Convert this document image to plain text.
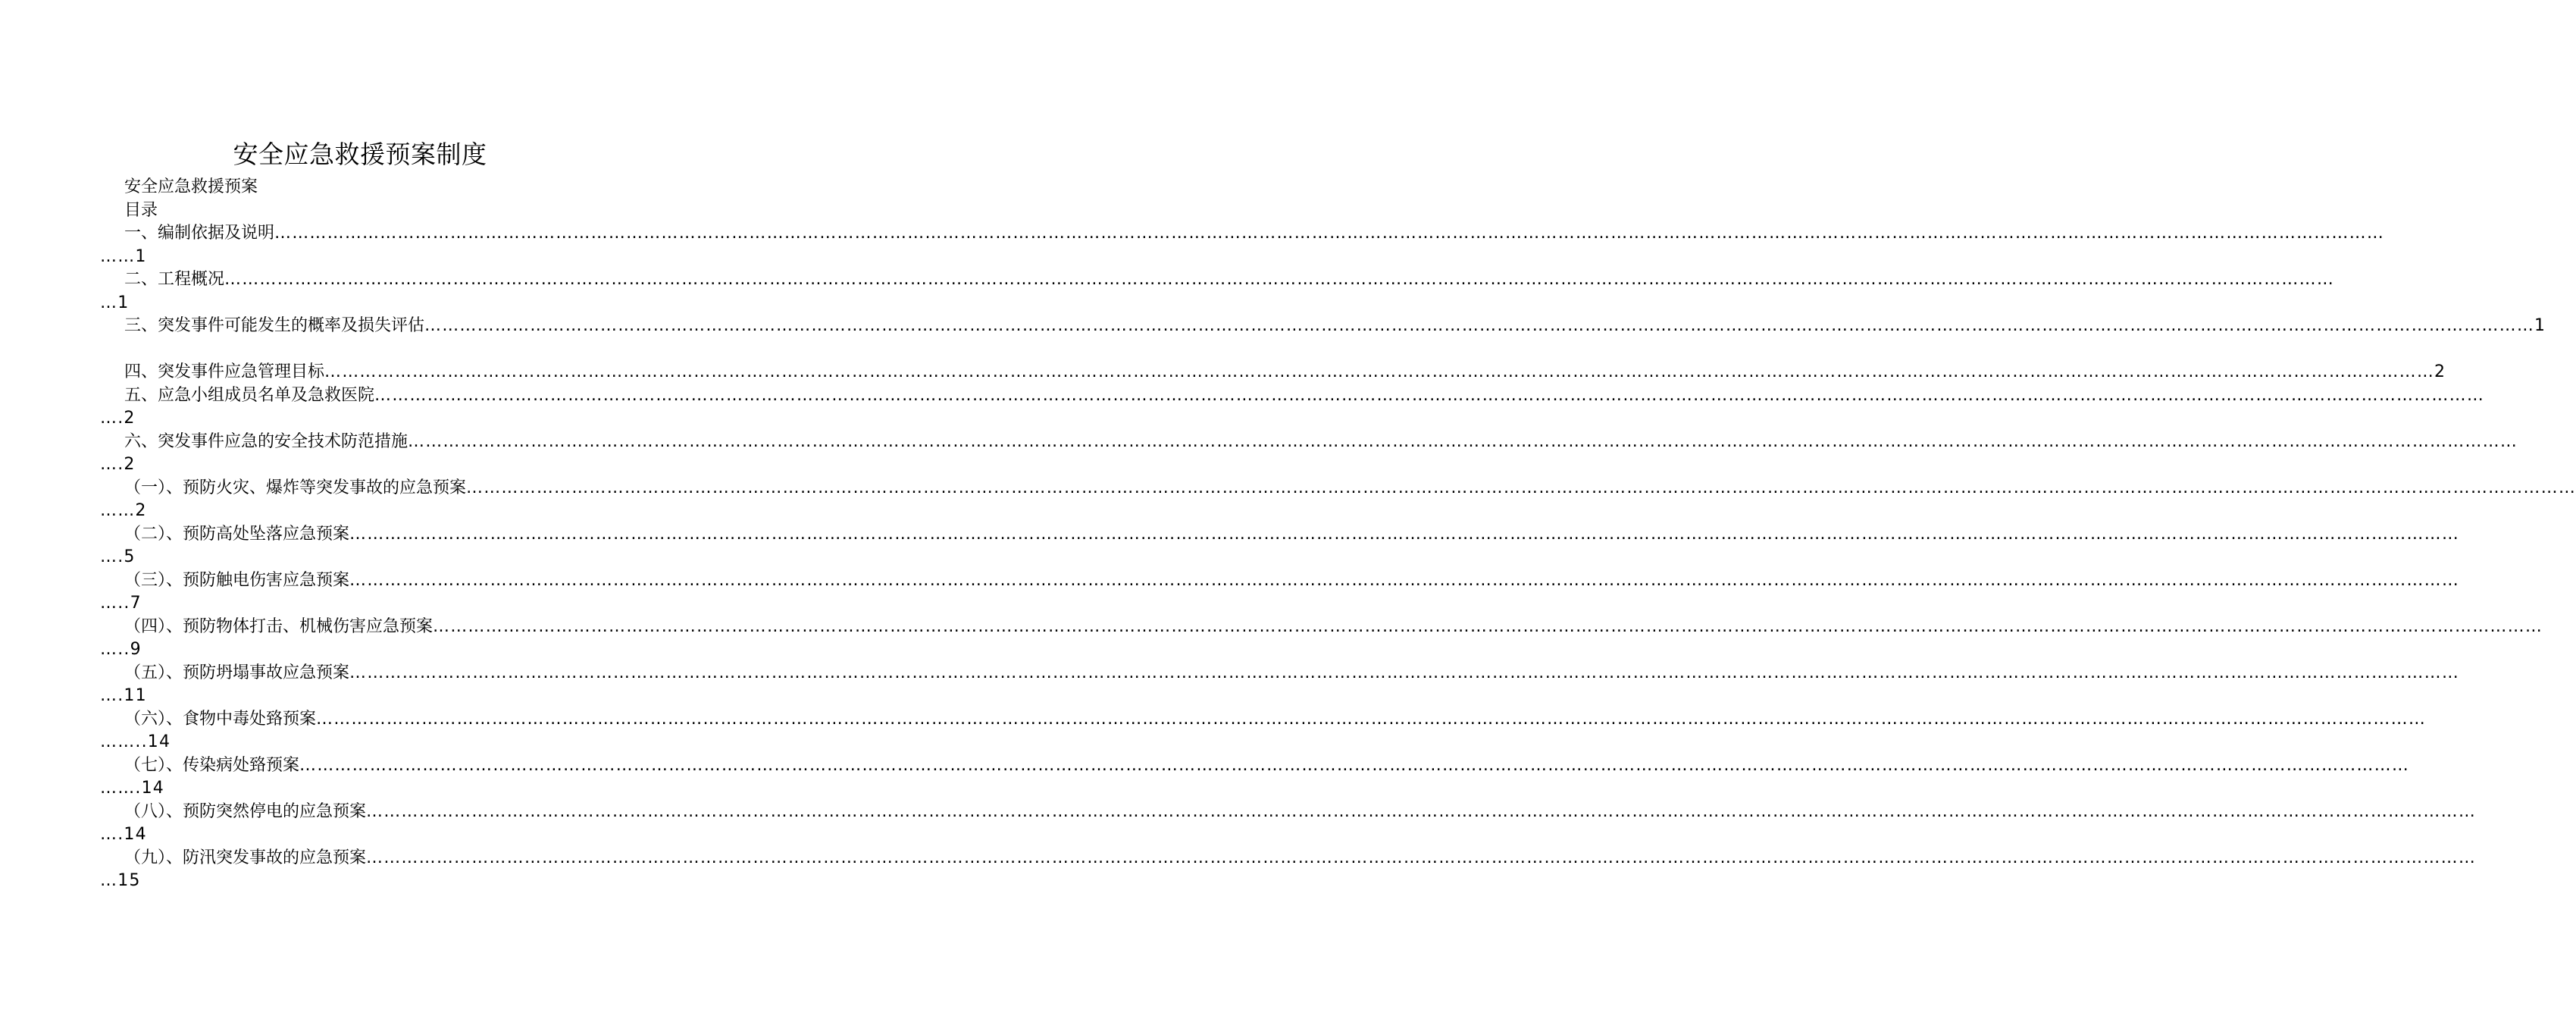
安全应急救援预案制度
安全应急救援预案
目录
一、编制依据及说明 ………………………………………………………………………………………………………………………………………………………………………………………………………………………………………………………………………………………………………………………………
……1
二、工程概况 ………………………………………………………………………………………………………………………………………………………………………………………………………………………………………………………………………………………………………………………………
…1
三、突发事件可能发生的概率及损失评估 ……………………………………………………………………………………………………………………………………………………………………………………………………………………………………………………………………………………………………………………………… 1
四、突发事件应急管理目标 ……………………………………………………………………………………………………………………………………………………………………………………………………………………………………………………………………………………………………………………………… 2
五、应急小组成员名单及急救医院 ………………………………………………………………………………………………………………………………………………………………………………………………………………………………………………………………………………………………………………………………
….2
六、突发事件应急的安全技术防范措施 ………………………………………………………………………………………………………………………………………………………………………………………………………………………………………………………………………………………………………………………………
….2
（一）、预防火灾、爆炸等突发事故的应急预案 ………………………………………………………………………………………………………………………………………………………………………………………………………………………………………………………………………………………………………………………………
……2
（二）、预防高处坠落应急预案 ………………………………………………………………………………………………………………………………………………………………………………………………………………………………………………………………………………………………………………………………
….5
（三）、预防触电伤害应急预案 ………………………………………………………………………………………………………………………………………………………………………………………………………………………………………………………………………………………………………………………………
…..7
（四）、预防物体打击、机械伤害应急预案 ………………………………………………………………………………………………………………………………………………………………………………………………………………………………………………………………………………………………………………………………
…..9
（五）、预防坍塌事故应急预案 ………………………………………………………………………………………………………………………………………………………………………………………………………………………………………………………………………………………………………………………………
….11
（六）、食物中毒处臵预案 ………………………………………………………………………………………………………………………………………………………………………………………………………………………………………………………………………………………………………………………………
……..14
（七）、传染病处臵预案 ………………………………………………………………………………………………………………………………………………………………………………………………………………………………………………………………………………………………………………………………
…….14
（八）、预防突然停电的应急预案 ………………………………………………………………………………………………………………………………………………………………………………………………………………………………………………………………………………………………………………………………
….14
（九）、防汛突发事故的应急预案 ………………………………………………………………………………………………………………………………………………………………………………………………………………………………………………………………………………………………………………………………
…15
